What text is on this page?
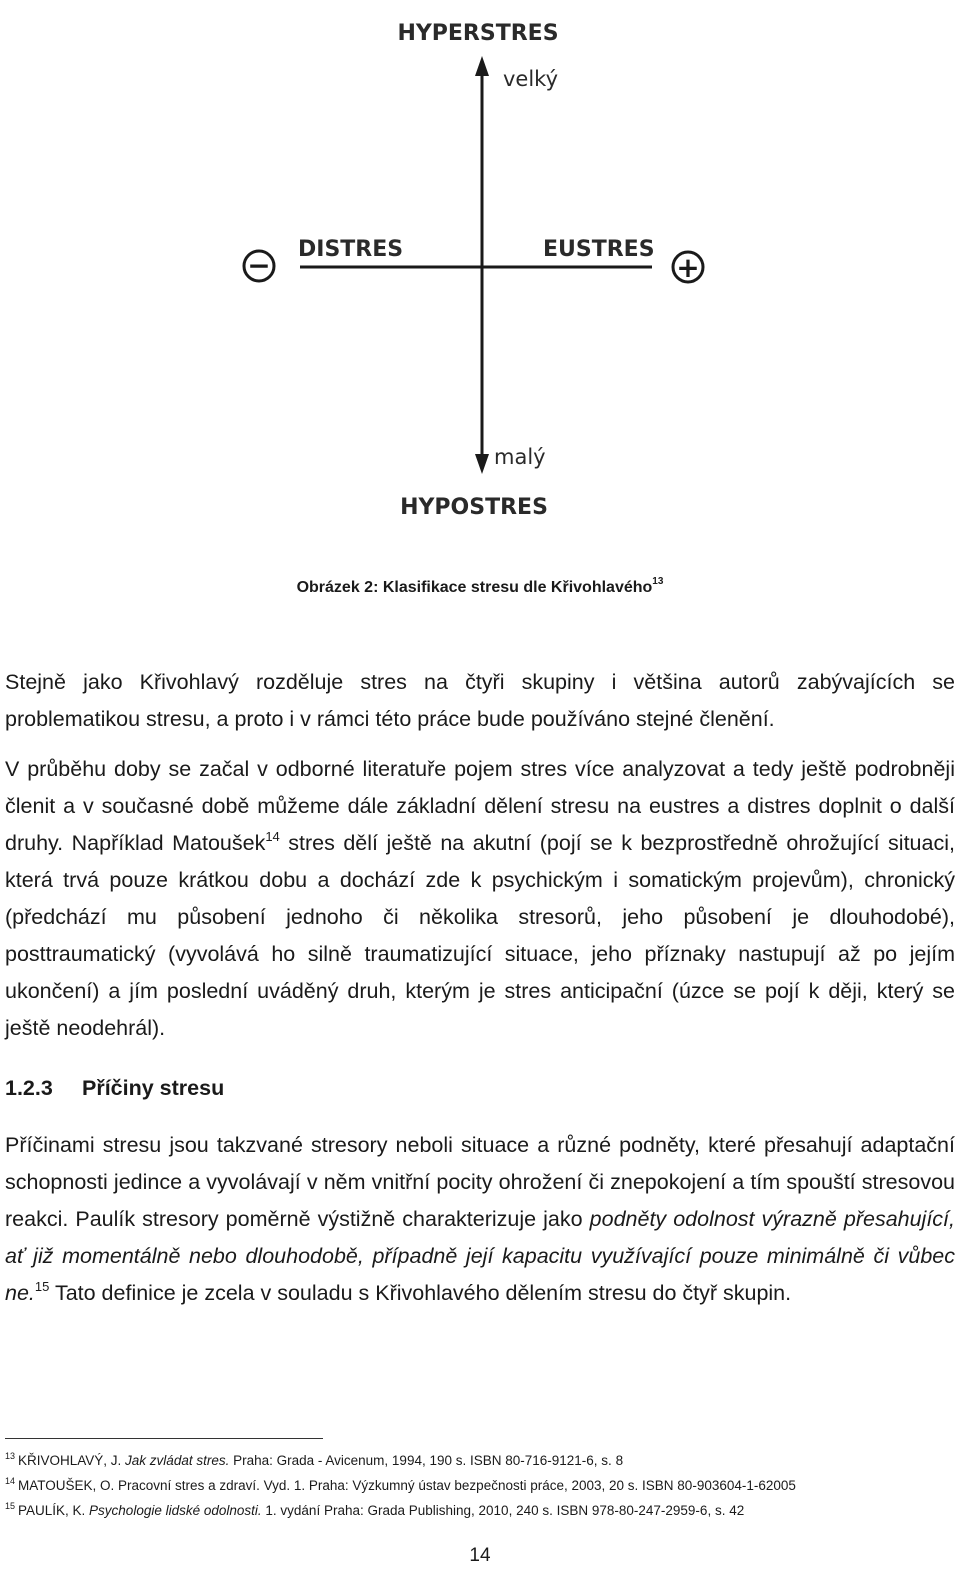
HYPERSTRES
velký
DISTRES	EUSTRES
malý
HYPOSTRES
−	+
Obrázek 2: Klasifikace stresu dle Křivohlavého$^{13}$
Stejně jako Křivohlavý rozděluje stres na čtyři skupiny i většina autorů zabývajících se problematikou stresu, a proto i v rámci této práce bude používáno stejné členění.
V průběhu doby se začal v odborné literatuře pojem stres více analyzovat a tedy ještě podrobněji členit a v současné době můžeme dále základní dělení stresu na eustres a distres doplnit o další druhy. Například Matoušek$^{14}$ stres dělí ještě na akutní (pojí se k bezprostředně ohrožující situaci, která trvá pouze krátkou dobu a dochází zde k psychickým i somatickým projevům), chronický (předchází mu působení jednoho či několika stresorů, jeho působení je dlouhodobé), posttraumatický (vyvolává ho silně traumatizující situace, jeho příznaky nastupují až po jejím ukončení) a jím poslední uváděný druh, kterým je stres anticipační (úzce se pojí k ději, který se ještě neodehrál).
1.2.3 Příčiny stresu
Příčinami stresu jsou takzvané stresory neboli situace a různé podněty, které přesahují adaptační schopnosti jedince a vyvolávají v něm vnitřní pocity ohrožení či znepokojení a tím spouští stresovou reakci. Paulík stresory poměrně výstižně charakterizuje jako podněty odolnost výrazně přesahující, ať již momentálně nebo dlouhodobě, případně její kapacitu využívající pouze minimálně či vůbec ne.$^{15}$ Tato definice je zcela v souladu s Křivohlavého dělením stresu do čtyř skupin.
$^{13}$ KŘIVOHLAVÝ, J. Jak zvládat stres. Praha: Grada - Avicenum, 1994, 190 s. ISBN 80-716-9121-6, s. 8
$^{14}$ MATOUŠEK, O. Pracovní stres a zdraví. Vyd. 1. Praha: Výzkumný ústav bezpečnosti práce, 2003, 20 s. ISBN 80-903604-1-62005
$^{15}$ PAULÍK, K. Psychologie lidské odolnosti. 1. vydání Praha: Grada Publishing, 2010, 240 s. ISBN 978-80-247-2959-6, s. 42
14
